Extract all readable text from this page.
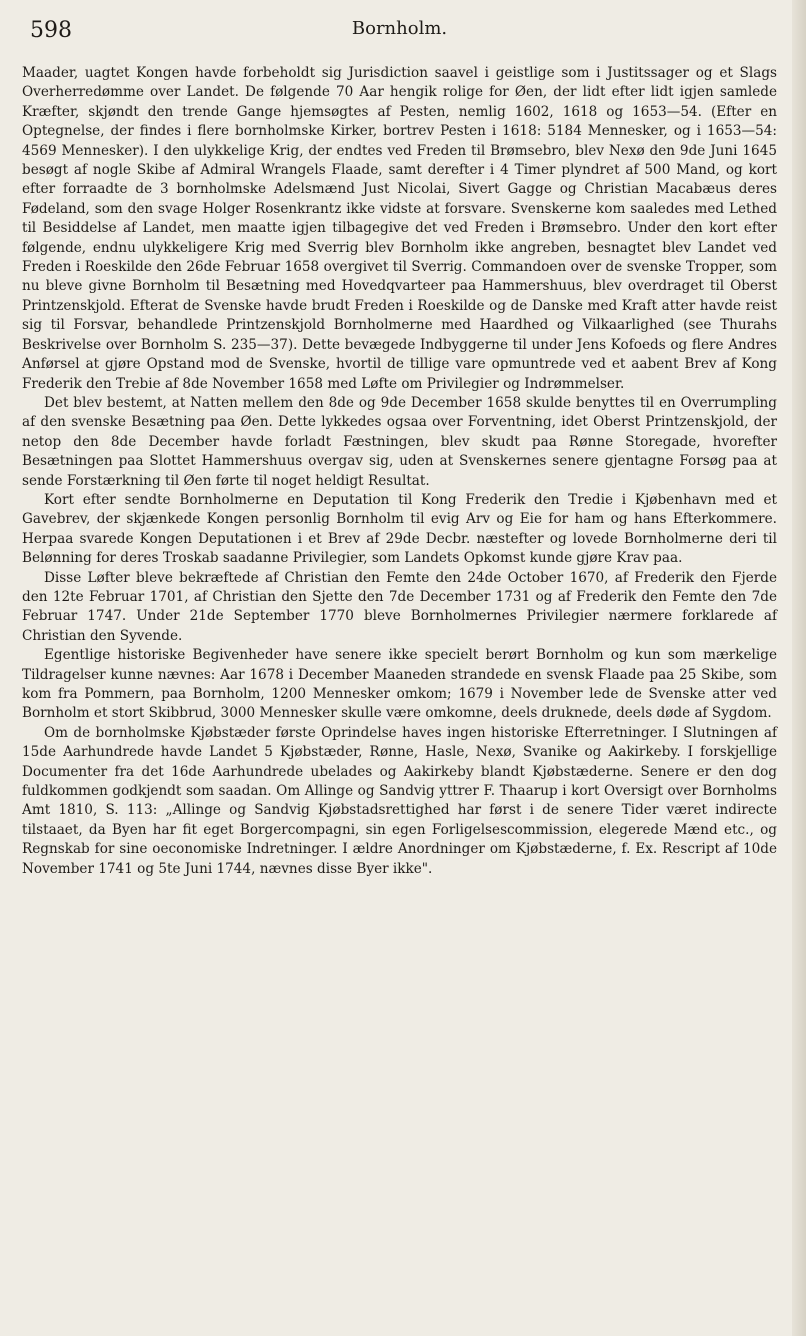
598	Bornholm.

Maader, uagtet Kongen havde forbeholdt sig Jurisdiction saavel i geistlige som i Justitssager og et Slags Overherredømme over Landet. De følgende 70 Aar hengik rolige for Øen, der lidt efter lidt igjen samlede Kræfter, skjøndt den trende Gange hjemsøgtes af Pesten, nemlig 1602, 1618 og 1653—54. (Efter en Optegnelse, der findes i flere bornholmske Kirker, bortrev Pesten i 1618: 5184 Mennesker, og i 1653—54: 4569 Mennesker). I den ulykkelige Krig, der endtes ved Freden til Brømsebro, blev Nexø den 9de Juni 1645 besøgt af nogle Skibe af Admiral Wrangels Flaade, samt derefter i 4 Timer plyndret af 500 Mand, og kort efter forraadte de 3 bornholmske Adelsmænd Just Nicolai, Sivert Gagge og Christian Macabæus deres Fødeland, som den svage Holger Rosenkrantz ikke vidste at forsvare. Svenskerne kom saaledes med Lethed til Besiddelse af Landet, men maatte igjen tilbagegive det ved Freden i Brømsebro. Under den kort efter følgende, endnu ulykkeligere Krig med Sverrig blev Bornholm ikke angreben, besnagtet blev Landet ved Freden i Roeskilde den 26de Februar 1658 overgivet til Sverrig. Commandoen over de svenske Tropper, som nu bleve givne Bornholm til Besætning med Hovedqvarteer paa Hammershuus, blev overdraget til Oberst Printzenskjold. Efterat de Svenske havde brudt Freden i Roeskilde og de Danske med Kraft atter havde reist sig til Forsvar, behandlede Printzenskjold Bornholmerne med Haardhed og Vilkaarlighed (see Thurahs Beskrivelse over Bornholm S. 235—37). Dette bevægede Indbyggerne til under Jens Kofoeds og flere Andres Anførsel at gjøre Opstand mod de Svenske, hvortil de tillige vare opmuntrede ved et aabent Brev af Kong Frederik den Trebie af 8de November 1658 med Løfte om Privilegier og Indrømmelser.

Det blev bestemt, at Natten mellem den 8de og 9de December 1658 skulde benyttes til en Overrumpling af den svenske Besætning paa Øen. Dette lykkedes ogsaa over Forventning, idet Oberst Printzenskjold, der netop den 8de December havde forladt Fæstningen, blev skudt paa Rønne Storegade, hvorefter Besætningen paa Slottet Hammershuus overgav sig, uden at Svenskernes senere gjentagne Forsøg paa at sende Forstærkning til Øen førte til noget heldigt Resultat.

Kort efter sendte Bornholmerne en Deputation til Kong Frederik den Tredie i Kjøbenhavn med et Gavebrev, der skjænkede Kongen personlig Bornholm til evig Arv og Eie for ham og hans Efterkommere. Herpaa svarede Kongen Deputationen i et Brev af 29de Decbr. næstefter og lovede Bornholmerne deri til Belønning for deres Troskab saadanne Privilegier, som Landets Opkomst kunde gjøre Krav paa.

Disse Løfter bleve bekræftede af Christian den Femte den 24de October 1670, af Frederik den Fjerde den 12te Februar 1701, af Christian den Sjette den 7de December 1731 og af Frederik den Femte den 7de Februar 1747. Under 21de September 1770 bleve Bornholmernes Privilegier nærmere forklarede af Christian den Syvende.

Egentlige historiske Begivenheder have senere ikke specielt berørt Bornholm og kun som mærkelige Tildragelser kunne nævnes: Aar 1678 i December Maaneden strandede en svensk Flaade paa 25 Skibe, som kom fra Pommern, paa Bornholm, 1200 Mennesker omkom; 1679 i November lede de Svenske atter ved Bornholm et stort Skibbrud, 3000 Mennesker skulle være omkomne, deels druknede, deels døde af Sygdom.

Om de bornholmske Kjøbstæder første Oprindelse haves ingen historiske Efterretninger. I Slutningen af 15de Aarhundrede havde Landet 5 Kjøbstæder, Rønne, Hasle, Nexø, Svanike og Aakirkeby. I forskjellige Documenter fra det 16de Aarhundrede ubelades og Aakirkeby blandt Kjøbstæderne. Senere er den dog fuldkommen godkjendt som saadan. Om Allinge og Sandvig yttrer F. Thaarup i kort Oversigt over Bornholms Amt 1810, S. 113: „Allinge og Sandvig Kjøbstadsrettighed har først i de senere Tider været indirecte tilstaaet, da Byen har fit eget Borgercompagni, sin egen Forligelsescommission, elegerede Mænd etc., og Regnskab for sine oeconomiske Indretninger. I ældre Anordninger om Kjøbstæderne, f. Ex. Rescript af 10de November 1741 og 5te Juni 1744, nævnes disse Byer ikke".
